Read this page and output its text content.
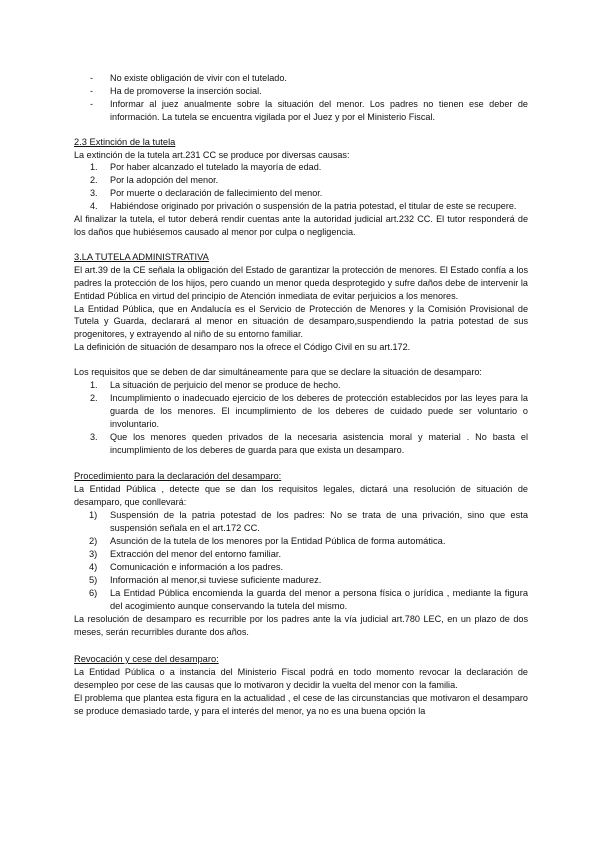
- No existe obligación de vivir con el tutelado.
- Ha de promoverse la inserción social.
- Informar al juez anualmente sobre la situación del menor. Los padres no tienen ese deber de información. La tutela se encuentra vigilada por el Juez y por el Ministerio Fiscal.

2.3 Extinción de la tutela

La extinción de la tutela art.231 CC se produce por diversas causas:

1. Por haber alcanzado el tutelado la mayoría de edad.
2. Por la adopción del menor.
3. Por muerte o declaración de fallecimiento del menor.
4. Habiéndose originado por privación o suspensión de la patria potestad, el titular de este se recupere.

Al finalizar la tutela, el tutor deberá rendir cuentas ante la autoridad judicial art.232 CC. El tutor responderá de los daños que hubiésemos causado al menor por culpa o negligencia.

3.LA TUTELA ADMINISTRATIVA

El art.39 de la CE señala la obligación del Estado de garantizar la protección de menores. El Estado confía a los padres la protección de los hijos, pero cuando un menor queda desprotegido y sufre daños debe de intervenir la Entidad Pública en virtud del principio de Atención inmediata de evitar perjuicios a los menores.

La Entidad Pública, que en Andalucía es el Servicio de Protección de Menores y la Comisión Provisional de Tutela y Guarda, declarará al menor en situación de desamparo,suspendiendo la patria potestad de sus progenitores, y extrayendo al niño de su entorno familiar.

La definición de situación de desamparo nos la ofrece el Código Civil en su art.172.

Los requisitos que se deben de dar simultáneamente para que se declare la situación de desamparo:

1. La situación de perjuicio del menor se produce de hecho.
2. Incumplimiento o inadecuado ejercicio de los deberes de protección establecidos por las leyes para la guarda de los menores. El incumplimiento de los deberes de cuidado puede ser voluntario o involuntario.
3. Que los menores queden privados de la necesaria asistencia moral y material . No basta el incumplimiento de los deberes de guarda para que exista un desamparo.

Procedimiento para la declaración del desamparo:

La Entidad Pública , detecte que se dan los requisitos legales, dictará una resolución de situación de desamparo, que conllevará:

1) Suspensión de la patria potestad de los padres: No se trata de una privación, sino que esta suspensión señala en el art.172 CC.
2) Asunción de la tutela de los menores por la Entidad Pública de forma automática.
3) Extracción del menor del entorno familiar.
4) Comunicación e información a los padres.
5) Información al menor,si tuviese suficiente madurez.
6) La Entidad Pública encomienda la guarda del menor a persona física o jurídica , mediante la figura del acogimiento aunque conservando la tutela del mismo.

La resolución de desamparo es recurrible por los padres ante la vía judicial art.780 LEC, en un plazo de dos meses, serán recurribles durante dos años.

Revocación y cese del desamparo:

La Entidad Pública o a instancia del Ministerio Fiscal podrá en todo momento revocar la declaración de desempleo por cese de las causas que lo motivaron y decidir la vuelta del menor con la familia.

El problema que plantea esta figura en la actualidad , el cese de las circunstancias que motivaron el desamparo se produce demasiado tarde, y para el interés del menor, ya no es una buena opción la
